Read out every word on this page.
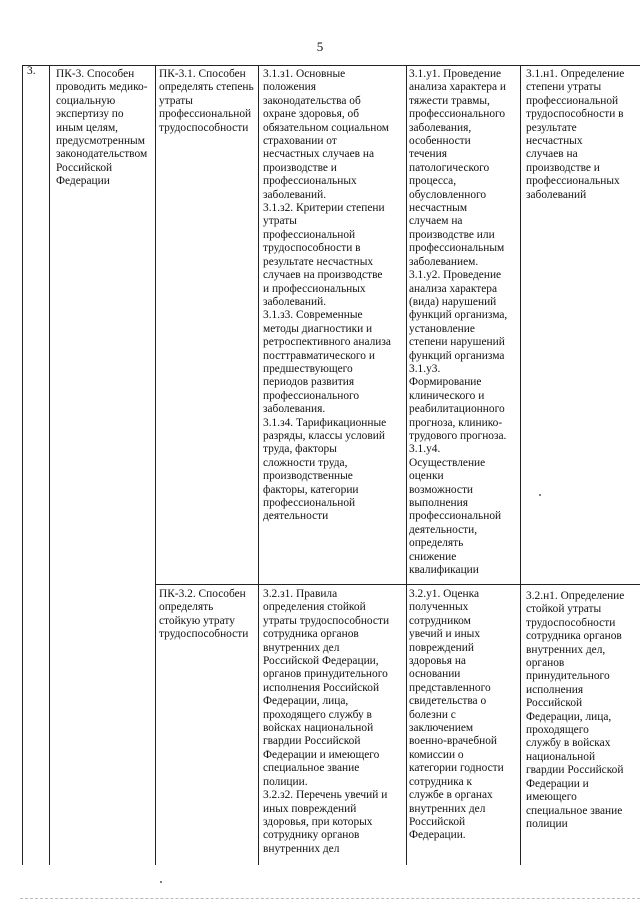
5
3.	ПК-3. Способен
проводить медико-
социальную
экспертизу по
иным целям,
предусмотренным
законодательством
Российской
Федерации
ПК-3.1. Способен
определять степень
утраты
профессиональной
трудоспособности
3.1.з1. Основные
положения
законодательства об
охране здоровья, об
обязательном социальном
страховании от
несчастных случаев на
производстве и
профессиональных
заболеваний.
3.1.з2. Критерии степени
утраты
профессиональной
трудоспособности в
результате несчастных
случаев на производстве
и профессиональных
заболеваний.
3.1.з3. Современные
методы диагностики и
ретроспективного анализа
посттравматического и
предшествующего
периодов развития
профессионального
заболевания.
3.1.з4. Тарификационные
разряды, классы условий
труда, факторы
сложности труда,
производственные
факторы, категории
профессиональной
деятельности
3.1.у1. Проведение
анализа характера и
тяжести травмы,
профессионального
заболевания,
особенности
течения
патологического
процесса,
обусловленного
несчастным
случаем на
производстве или
профессиональным
заболеванием.
3.1.у2. Проведение
анализа характера
(вида) нарушений
функций организма,
установление
степени нарушений
функций организма
3.1.у3.
Формирование
клинического и
реабилитационного
прогноза, клинико-
трудового прогноза.
3.1.у4.
Осуществление
оценки
возможности
выполнения
профессиональной
деятельности,
определять
снижение
квалификации
3.1.н1. Определение
степени утраты
профессиональной
трудоспособности в
результате
несчастных
случаев на
производстве и
профессиональных
заболеваний
ПК-3.2. Способен
определять
стойкую утрату
трудоспособности
3.2.з1. Правила
определения стойкой
утраты трудоспособности
сотрудника органов
внутренних дел
Российской Федерации,
органов принудительного
исполнения Российской
Федерации, лица,
проходящего службу в
войсках национальной
гвардии Российской
Федерации и имеющего
специальное звание
полиции.
3.2.з2. Перечень увечий и
иных повреждений
здоровья, при которых
сотруднику органов
внутренних дел
3.2.у1. Оценка
полученных
сотрудником
увечий и иных
повреждений
здоровья на
основании
представленного
свидетельства о
болезни с
заключением
военно-врачебной
комиссии о
категории годности
сотрудника к
службе в органах
внутренних дел
Российской
Федерации.
3.2.н1. Определение
стойкой утраты
трудоспособности
сотрудника органов
внутренних дел,
органов
принудительного
исполнения
Российской
Федерации, лица,
проходящего
службу в войсках
национальной
гвардии Российской
Федерации и
имеющего
специальное звание
полиции
